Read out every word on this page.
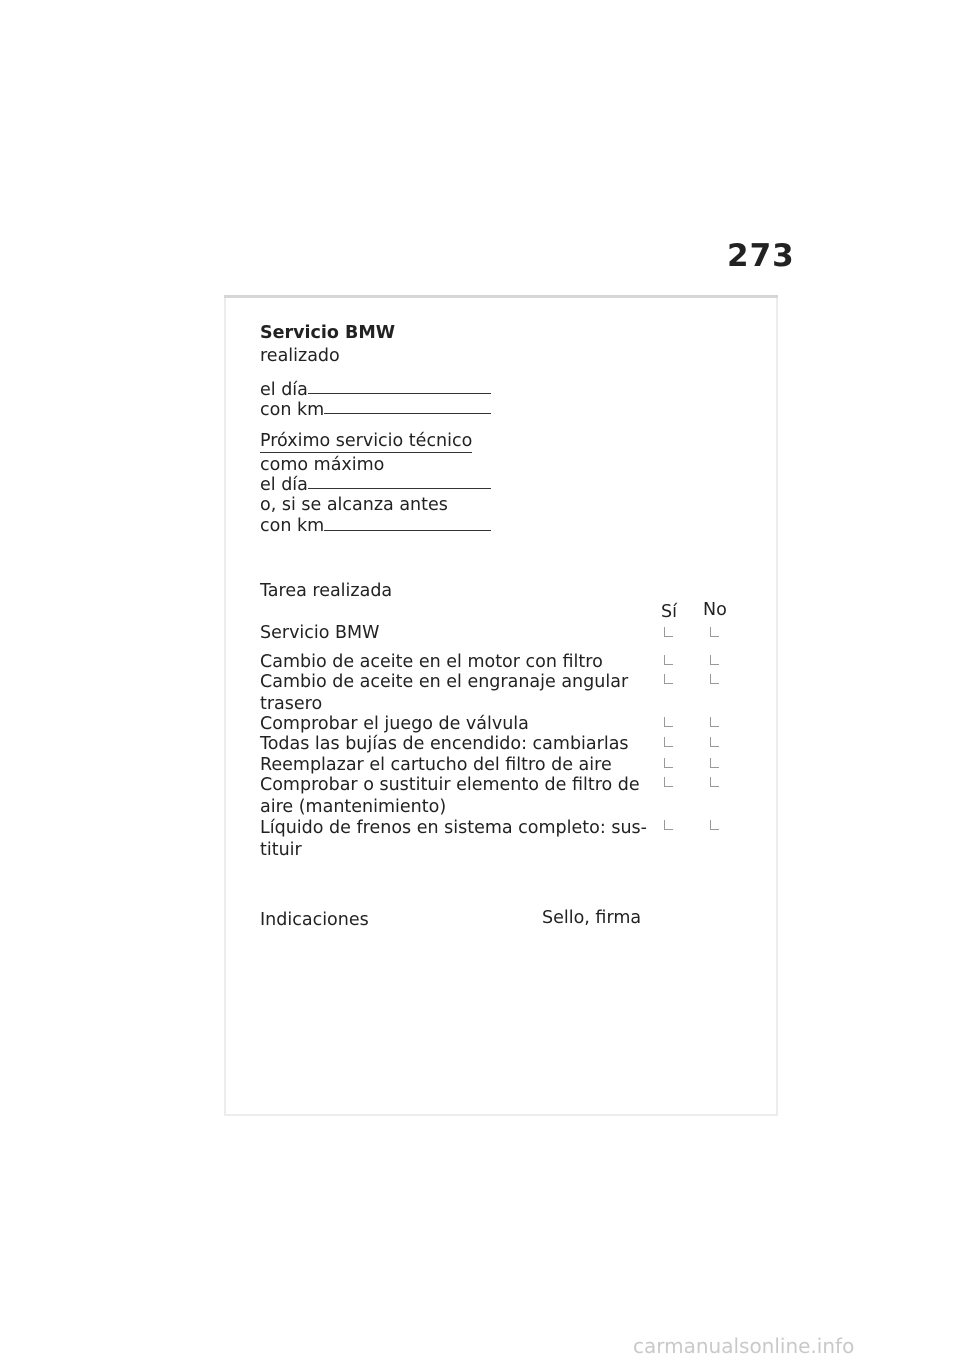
273
Servicio BMW
realizado
el día
con km
Próximo servicio técnico
como máximo
el día
o, si se alcanza antes
con km
Tarea realizada
Sí No
Servicio BMW
Cambio de aceite en el motor con filtro
Cambio de aceite en el engranaje angular
trasero
Comprobar el juego de válvula
Todas las bujías de encendido: cambiarlas
Reemplazar el cartucho del filtro de aire
Comprobar o sustituir elemento de filtro de
aire (mantenimiento)
Líquido de frenos en sistema completo: sus-
tituir
Indicaciones	Sello, firma
carmanualsonline.info
